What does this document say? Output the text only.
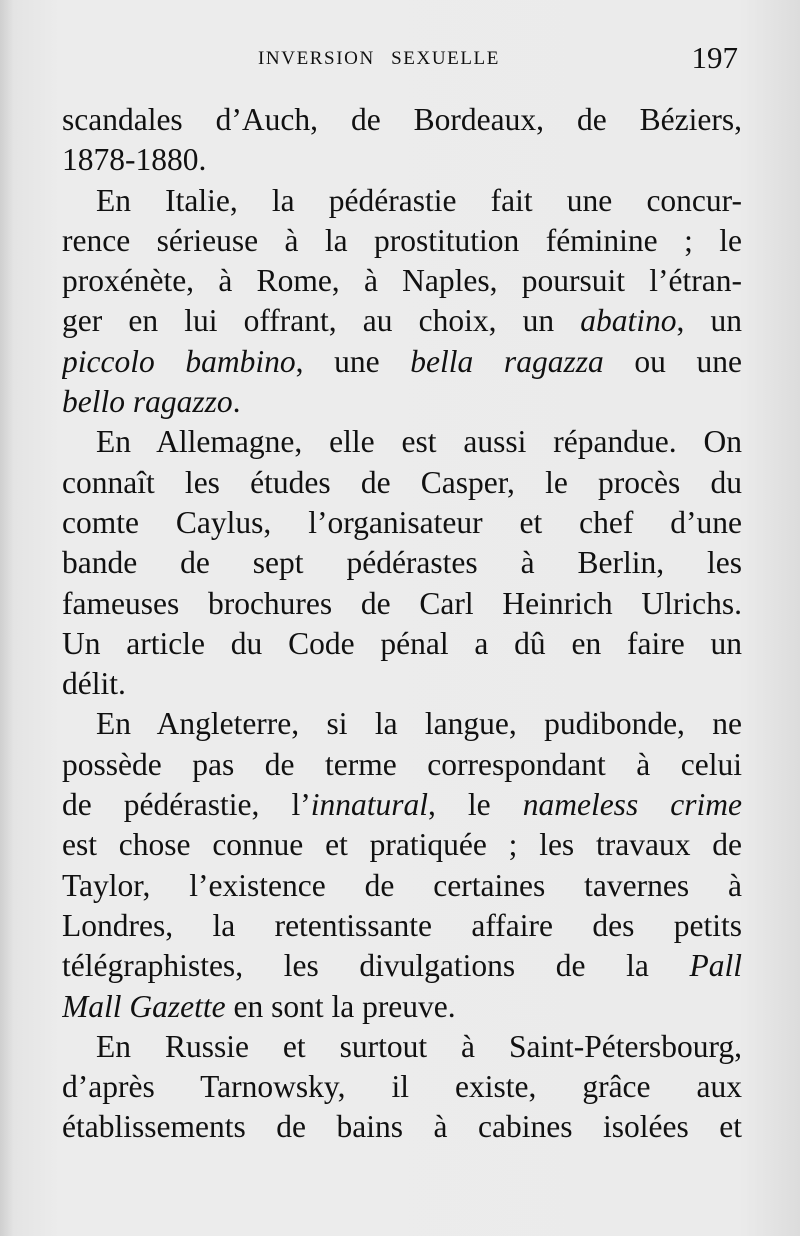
INVERSION SEXUELLE	197
scandales d’Auch, de Bordeaux, de Béziers,
1878-1880.
En Italie, la pédérastie fait une concur-
rence sérieuse à la prostitution féminine ; le
proxénète, à Rome, à Naples, poursuit l’étran-
ger en lui offrant, au choix, un abatino, un
piccolo bambino, une bella ragazza ou une
bello ragazzo.
En Allemagne, elle est aussi répandue. On
connaît les études de Casper, le procès du
comte Caylus, l’organisateur et chef d’une
bande de sept pédérastes à Berlin, les
fameuses brochures de Carl Heinrich Ulrichs.
Un article du Code pénal a dû en faire un
délit.
En Angleterre, si la langue, pudibonde, ne
possède pas de terme correspondant à celui
de pédérastie, l’innatural, le nameless crime
est chose connue et pratiquée ; les travaux de
Taylor, l’existence de certaines tavernes à
Londres, la retentissante affaire des petits
télégraphistes, les divulgations de la Pall
Mall Gazette en sont la preuve.
En Russie et surtout à Saint-Pétersbourg,
d’après Tarnowsky, il existe, grâce aux
établissements de bains à cabines isolées et
